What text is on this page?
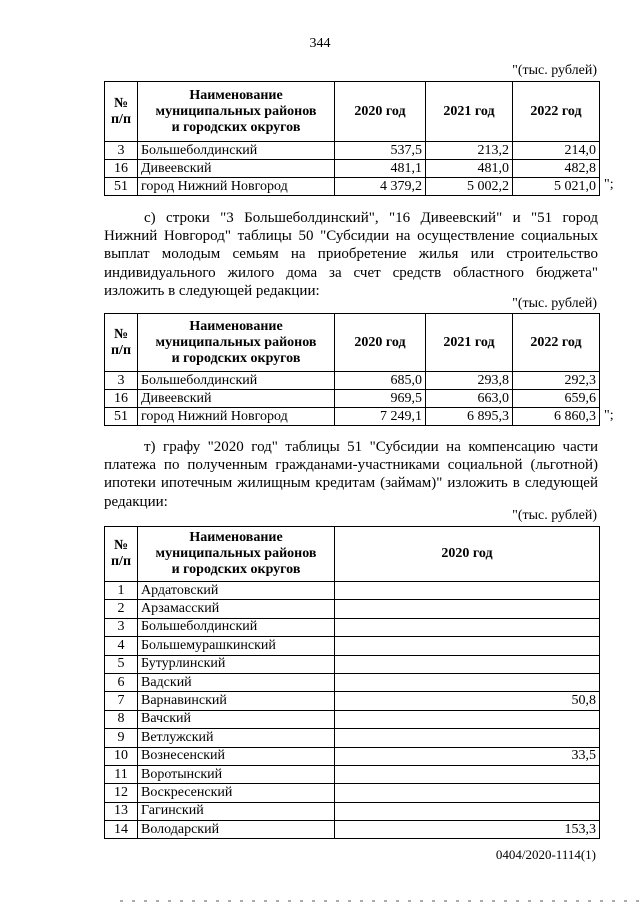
344
"(тыс. рублей)
№
п/п	Наименование
муниципальных районов
и городских округов	2020 год	2021 год	2022 год
3	Большеболдинский	537,5	213,2	214,0
16	Дивеевский	481,1	481,0	482,8
51	город Нижний Новгород	4 379,2	5 002,2	5 021,0 ";
с) строки "3 Большеболдинский", "16 Дивеевский" и "51 город Нижний Новгород" таблицы 50 "Субсидии на осуществление социальных выплат молодым семьям на приобретение жилья или строительство индивидуального жилого дома за счет средств областного бюджета" изложить в следующей редакции:
"(тыс. рублей)
№
п/п	Наименование
муниципальных районов
и городских округов	2020 год	2021 год	2022 год
3	Большеболдинский	685,0	293,8	292,3
16	Дивеевский	969,5	663,0	659,6
51	город Нижний Новгород	7 249,1	6 895,3	6 860,3 ";
т) графу "2020 год" таблицы 51 "Субсидии на компенсацию части платежа по полученным гражданами-участниками социальной (льготной) ипотеки ипотечным жилищным кредитам (займам)" изложить в следующей редакции:
"(тыс. рублей)
№
п/п	Наименование
муниципальных районов
и городских округов	2020 год
1	Ардатовский	
2	Арзамасский	
3	Большеболдинский	
4	Большемурашкинский	
5	Бутурлинский	
6	Вадский	
7	Варнавинский	50,8
8	Вачский	
9	Ветлужский	
10	Вознесенский	33,5
11	Воротынский	
12	Воскресенский	
13	Гагинский	
14	Володарский	153,3
0404/2020-1114(1)
